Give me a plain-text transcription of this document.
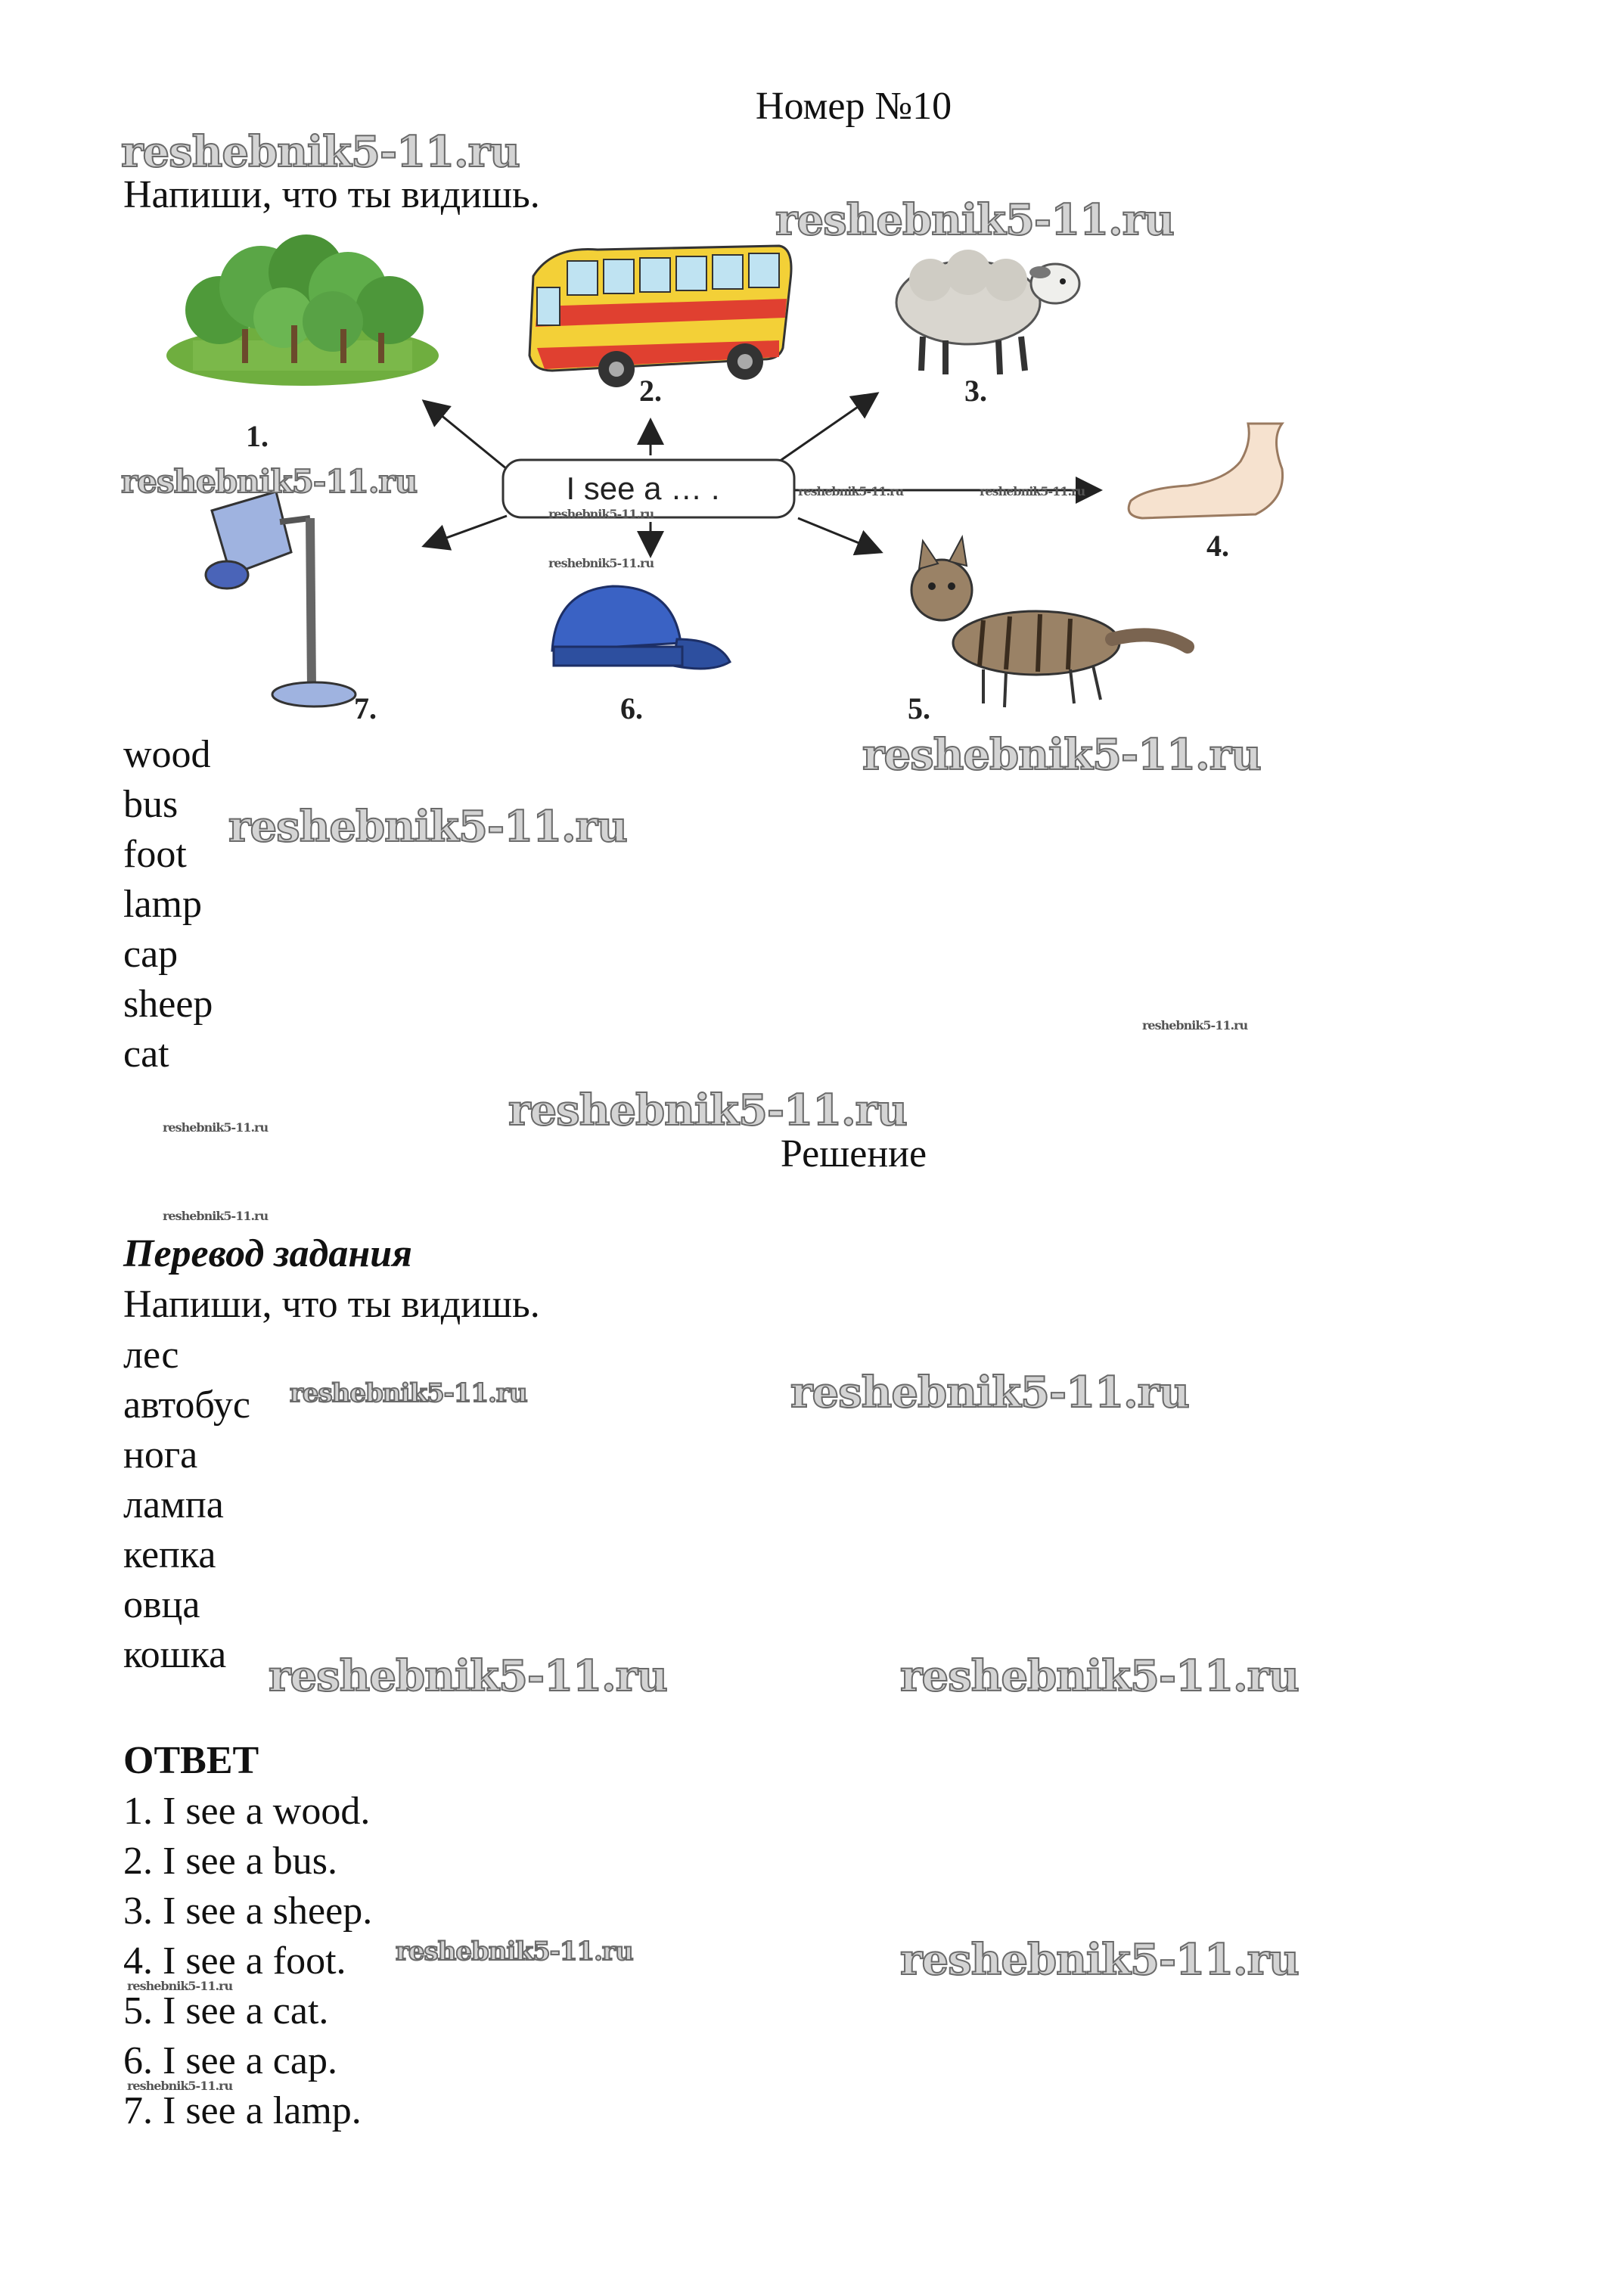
Номер №10
Напиши, что ты видишь.
I see a … .
1.
2.	3.
4.
5.
6.
7.
wood
bus
foot
lamp
cap
sheep
cat
Решение
Перевод задания
Напиши, что ты видишь.
лес
автобус
нога
лампа
кепка
овца
кошка
ОТВЕТ
1. I see a wood.
2. I see a bus.
3. I see a sheep.
4. I see a foot.
5. I see a cat.
6. I see a cap.
7. I see a lamp.
reshebnik5-11.ru
reshebnik5-11.ru
reshebnik5-11.ru
reshebnik5-11.ru
reshebnik5-11.ru
reshebnik5-11.ru
reshebnik5-11.ru	reshebnik5-11.ru
reshebnik5-11.ru	reshebnik5-11.ru
reshebnik5-11.ru	reshebnik5-11.ru
reshebnik5-11.ru
reshebnik5-11.ru
reshebnik5-11.ru
reshebnik5-11.ru
reshebnik5-11.ru
reshebnik5-11.ru	reshebnik5-11.ru
reshebnik5-11.ru
reshebnik5-11.ru
